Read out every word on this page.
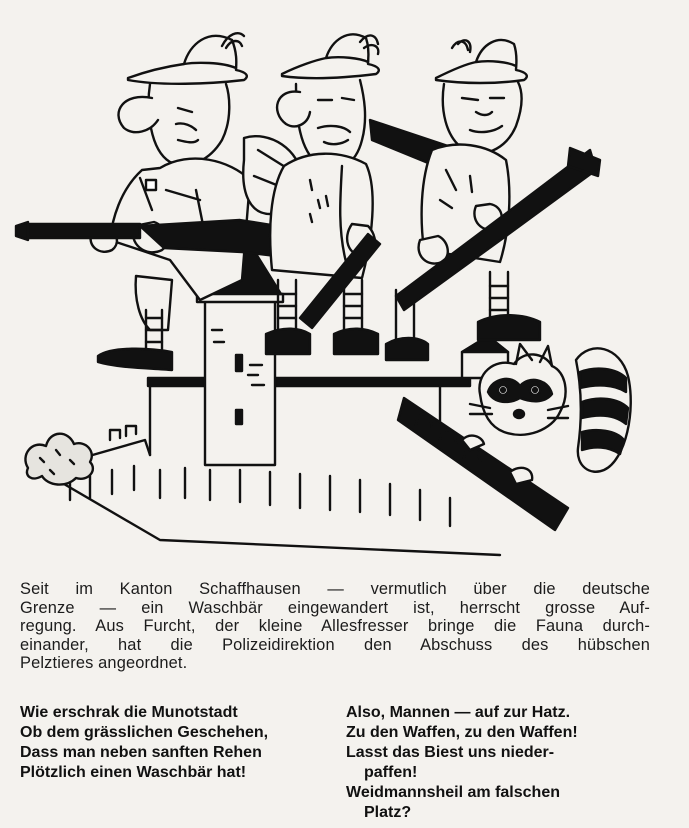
Seit im Kanton Schaffhausen — vermutlich über die deutsche
Grenze — ein Waschbär eingewandert ist, herrscht grosse Auf-
regung. Aus Furcht, der kleine Allesfresser bringe die Fauna durch-
einander, hat die Polizeidirektion den Abschuss des hübschen
Pelztieres angeordnet.
Wie erschrak die Munotstadt
Ob dem grässlichen Geschehen,
Dass man neben sanften Rehen
Plötzlich einen Waschbär hat!
Also, Mannen — auf zur Hatz.
Zu den Waffen, zu den Waffen!
Lasst das Biest uns nieder-
paffen!
Weidmannsheil am falschen
Platz?
